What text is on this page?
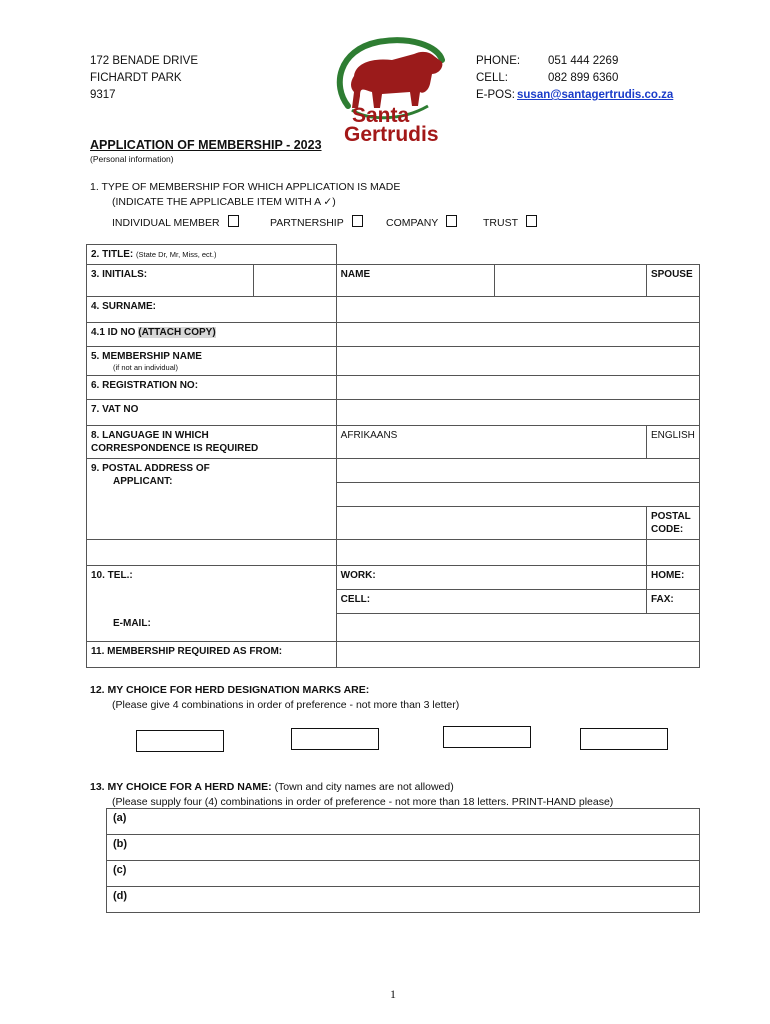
172 BENADE DRIVE
FICHARDT PARK
9317
Santa
Gertrudis
PHONE:	051 444 2269
CELL:	082 899 6360
E-POS: susan@santagertrudis.co.za
APPLICATION OF MEMBERSHIP - 2023
(Personal information)
1. TYPE OF MEMBERSHIP FOR WHICH APPLICATION IS MADE
(INDICATE THE APPLICABLE ITEM WITH A ✓)
INDIVIDUAL MEMBER	PARTNERSHIP	COMPANY	TRUST
2. TITLE: (State Dr, Mr, Miss, ect.)				
3. INITIALS:		NAME		SPOUSE
4. SURNAME:				
4.1 ID NO (ATTACH COPY)				

5. MEMBERSHIP NAME
(if not an individual)				

6. REGISTRATION NO:				
7. VAT NO				

8. LANGUAGE IN WHICH
CORRESPONDENCE IS REQUIRED		AFRIKAANS		ENGLISH

9. POSTAL ADDRESS OF
APPLICANT:				

				POSTAL CODE:

10. TEL.:		WORK:		HOME:
		CELL:		FAX:
E-MAIL:				
11. MEMBERSHIP REQUIRED AS FROM:				
12. MY CHOICE FOR HERD DESIGNATION MARKS ARE:
(Please give 4 combinations in order of preference - not more than 3 letter)
13. MY CHOICE FOR A HERD NAME: (Town and city names are not allowed)
(Please supply four (4) combinations in order of preference - not more than 18 letters. PRINT-HAND please)
(a)
(b)
(c)
(d)
1
